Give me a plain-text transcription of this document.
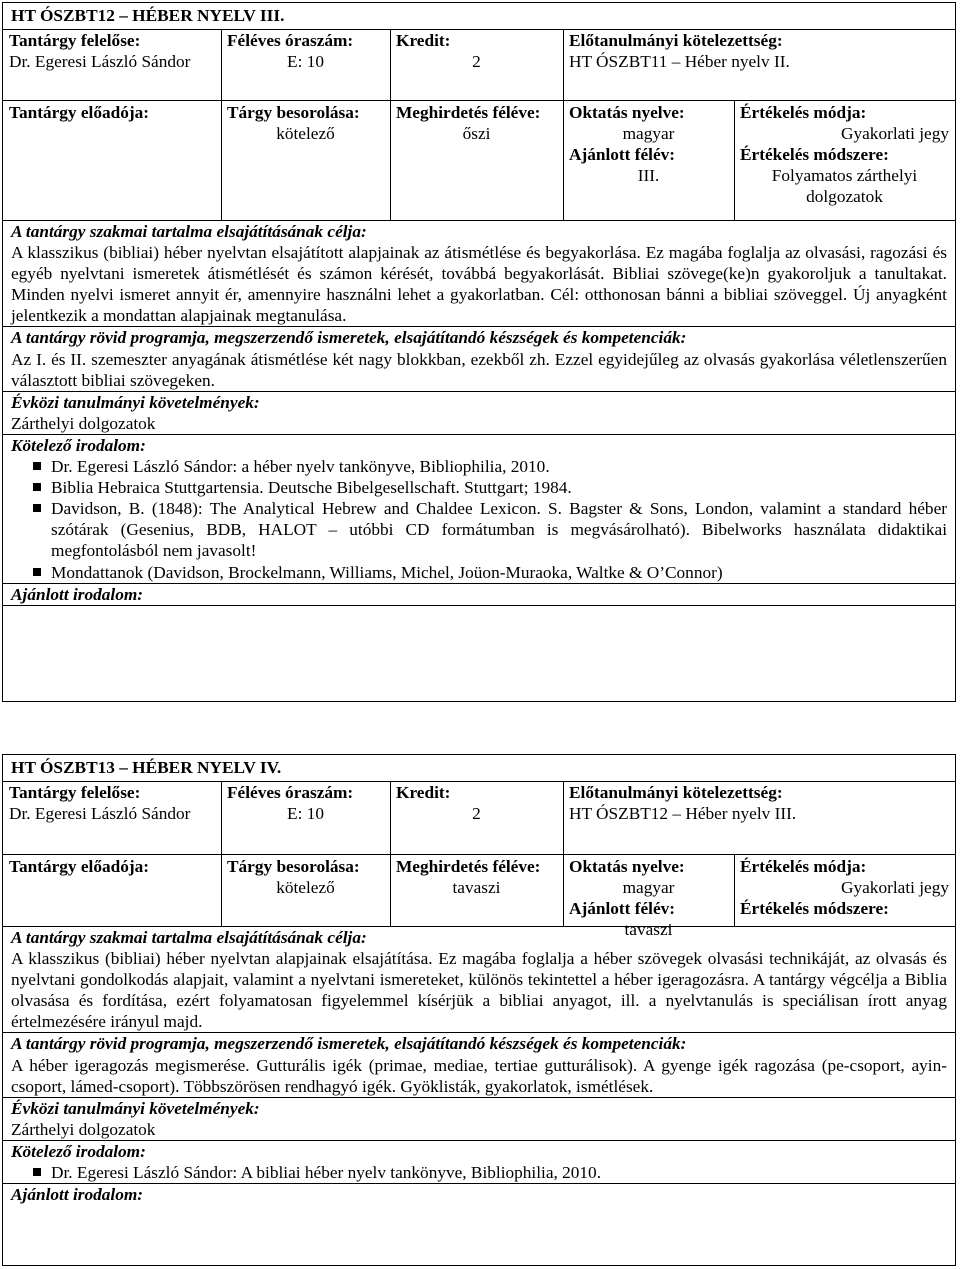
HT ÓSZBT12 – HÉBER NYELV III.
Tantárgy felelőse:
Dr. Egeresi László Sándor
Féléves óraszám:
E: 10
Kredit:
2
Előtanulmányi kötelezettség:
HT ÓSZBT11 – Héber nyelv II.
Tantárgy előadója:	Tárgy besorolása:
kötelező
Meghirdetés féléve:
őszi
Oktatás nyelve:
magyar
Ajánlott félév:
III.
Értékelés módja:
Gyakorlati jegy
Értékelés módszere:
Folyamatos zárthelyi dolgozatok
A tantárgy szakmai tartalma elsajátításának célja:
A klasszikus (bibliai) héber nyelvtan elsajátított alapjainak az átismétlése és begyakorlása. Ez magába foglalja az olvasási, ragozási és egyéb nyelvtani ismeretek átismétlését és számon kérését, továbbá begyakorlását. Bibliai szövege(ke)n gyakoroljuk a tanultakat. Minden nyelvi ismeret annyit ér, amennyire használni lehet a gyakorlatban. Cél: otthonosan bánni a bibliai szöveggel. Új anyagként jelentkezik a mondattan alapjainak megtanulása.
A tantárgy rövid programja, megszerzendő ismeretek, elsajátítandó készségek és kompetenciák:
Az I. és II. szemeszter anyagának átismétlése két nagy blokkban, ezekből zh. Ezzel egyidejűleg az olvasás gyakorlása véletlenszerűen választott bibliai szövegeken.
Évközi tanulmányi követelmények:
Zárthelyi dolgozatok
Kötelező irodalom:
Dr. Egeresi László Sándor: a héber nyelv tankönyve, Bibliophilia, 2010.
Biblia Hebraica Stuttgartensia. Deutsche Bibelgesellschaft. Stuttgart; 1984.
Davidson, B. (1848): The Analytical Hebrew and Chaldee Lexicon. S. Bagster & Sons, London, valamint a standard héber szótárak (Gesenius, BDB, HALOT – utóbbi CD formátumban is megvásárolható). Bibelworks használata didaktikai megfontolásból nem javasolt!
Mondattanok (Davidson, Brockelmann, Williams, Michel, Joüon-Muraoka, Waltke & O’Connor)
Ajánlott irodalom:
HT ÓSZBT13 – HÉBER NYELV IV.
Tantárgy felelőse:
Dr. Egeresi László Sándor
Féléves óraszám:
E: 10
Kredit:
2
Előtanulmányi kötelezettség:
HT ÓSZBT12 – Héber nyelv III.
Tantárgy előadója:	Tárgy besorolása:
kötelező
Meghirdetés féléve:
tavaszi
Oktatás nyelve:
magyar
Ajánlott félév:
tavaszi
Értékelés módja:
Gyakorlati jegy
Értékelés módszere:
A tantárgy szakmai tartalma elsajátításának célja:
A klasszikus (bibliai) héber nyelvtan alapjainak elsajátítása. Ez magába foglalja a héber szövegek olvasási technikáját, az olvasás és nyelvtani gondolkodás alapjait, valamint a nyelvtani ismereteket, különös tekintettel a héber igeragozásra. A tantárgy végcélja a Biblia olvasása és fordítása, ezért folyamatosan figyelemmel kísérjük a bibliai anyagot, ill. a nyelvtanulás is speciálisan írott anyag értelmezésére irányul majd.
A tantárgy rövid programja, megszerzendő ismeretek, elsajátítandó készségek és kompetenciák:
A héber igeragozás megismerése. Gutturális igék (primae, mediae, tertiae gutturálisok). A gyenge igék ragozása (pe-csoport, ayin-csoport, lámed-csoport). Többszörösen rendhagyó igék. Gyöklisták, gyakorlatok, ismétlések.
Évközi tanulmányi követelmények:
Zárthelyi dolgozatok
Kötelező irodalom:
Dr. Egeresi László Sándor: A bibliai héber nyelv tankönyve, Bibliophilia, 2010.
Ajánlott irodalom:
